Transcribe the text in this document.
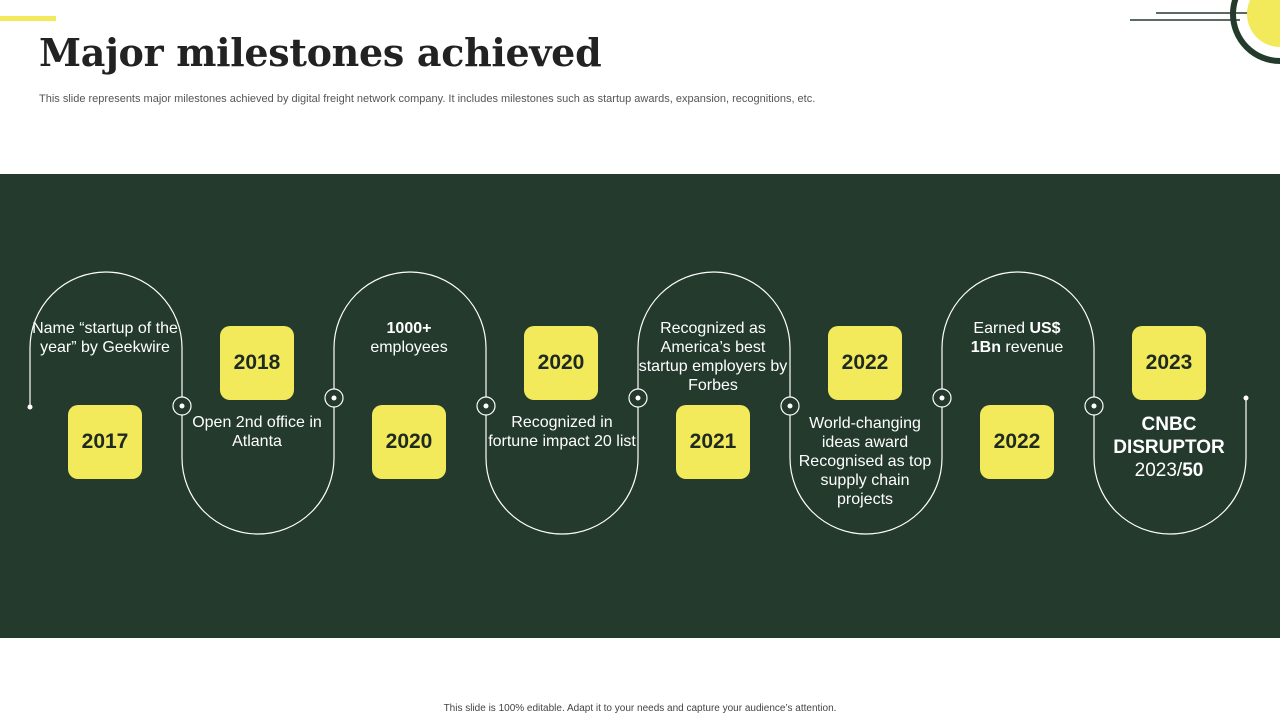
Major milestones achieved
This slide represents major milestones achieved by digital freight network company. It includes milestones such as startup awards, expansion, recognitions, etc.
Name “startup of the year” by Geekwire
2017
2018
Open 2nd office in Atlanta
1000+
employees
2020
2020
Recognized in fortune impact 20 list
Recognized as America’s best startup employers by Forbes
2021
2022
World-changing ideas award Recognised as top supply chain projects
Earned US$
1Bn revenue
2022
2023
CNBC
DISRUPTOR
2023/50
This slide is 100% editable. Adapt it to your needs and capture your audience’s attention.
